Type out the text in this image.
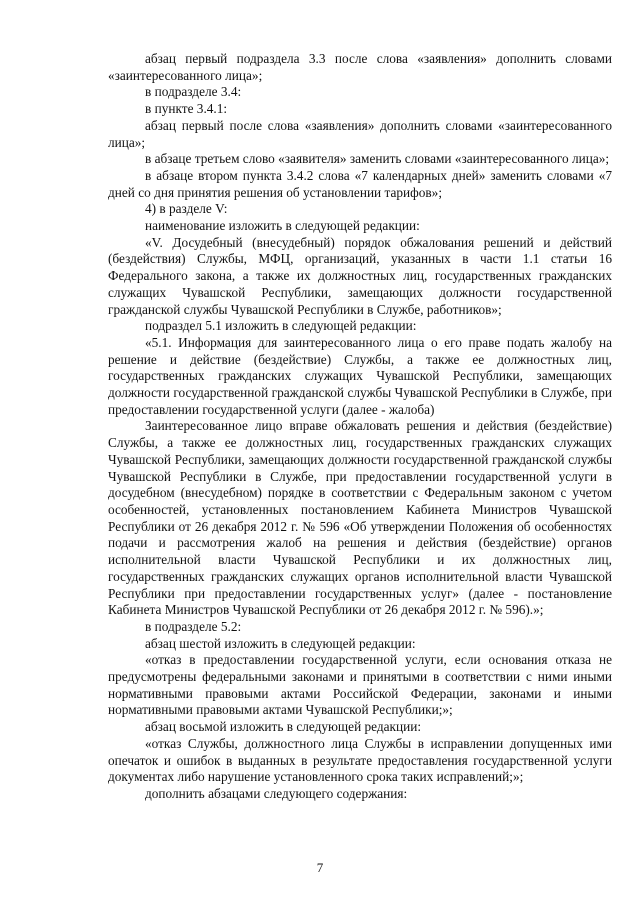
абзац первый подраздела 3.3 после слова «заявления» дополнить словами «заинтересованного лица»;

в подразделе 3.4:

в пункте 3.4.1:

абзац первый после слова «заявления» дополнить словами «заинтересованного лица»;

в абзаце третьем слово «заявителя» заменить словами «заинтересованного лица»;

в абзаце втором пункта 3.4.2 слова «7 календарных дней» заменить словами «7 дней со дня принятия решения об установлении тарифов»;

4) в разделе V:

наименование изложить в следующей редакции:

«V. Досудебный (внесудебный) порядок обжалования решений и действий (бездействия) Службы, МФЦ, организаций, указанных в части 1.1 статьи 16 Федерального закона, а также их должностных лиц, государственных гражданских служащих Чувашской Республики, замещающих должности государственной гражданской службы Чувашской Республики в Службе, работников»;

подраздел 5.1 изложить в следующей редакции:

«5.1. Информация для заинтересованного лица о его праве подать жалобу на решение и действие (бездействие) Службы, а также ее должностных лиц, государственных гражданских служащих Чувашской Республики, замещающих должности государственной гражданской службы Чувашской Республики в Службе, при предоставлении государственной услуги (далее - жалоба)

Заинтересованное лицо вправе обжаловать решения и действия (бездействие) Службы, а также ее должностных лиц, государственных гражданских служащих Чувашской Республики, замещающих должности государственной гражданской службы Чувашской Республики в Службе, при предоставлении государственной услуги в досудебном (внесудебном) порядке в соответствии с Федеральным законом с учетом особенностей, установленных постановлением Кабинета Министров Чувашской Республики от 26 декабря 2012 г. № 596 «Об утверждении Положения об особенностях подачи и рассмотрения жалоб на решения и действия (бездействие) органов исполнительной власти Чувашской Республики и их должностных лиц, государственных гражданских служащих органов исполнительной власти Чувашской Республики при предоставлении государственных услуг» (далее - постановление Кабинета Министров Чувашской Республики от 26 декабря 2012 г. № 596).»;

в подразделе 5.2:

абзац шестой изложить в следующей редакции:

«отказ в предоставлении государственной услуги, если основания отказа не предусмотрены федеральными законами и принятыми в соответствии с ними иными нормативными правовыми актами Российской Федерации, законами и иными нормативными правовыми актами Чувашской Республики;»;

абзац восьмой изложить в следующей редакции:

«отказ Службы, должностного лица Службы в исправлении допущенных ими опечаток и ошибок в выданных в результате предоставления государственной услуги документах либо нарушение установленного срока таких исправлений;»;

дополнить абзацами следующего содержания:

7
